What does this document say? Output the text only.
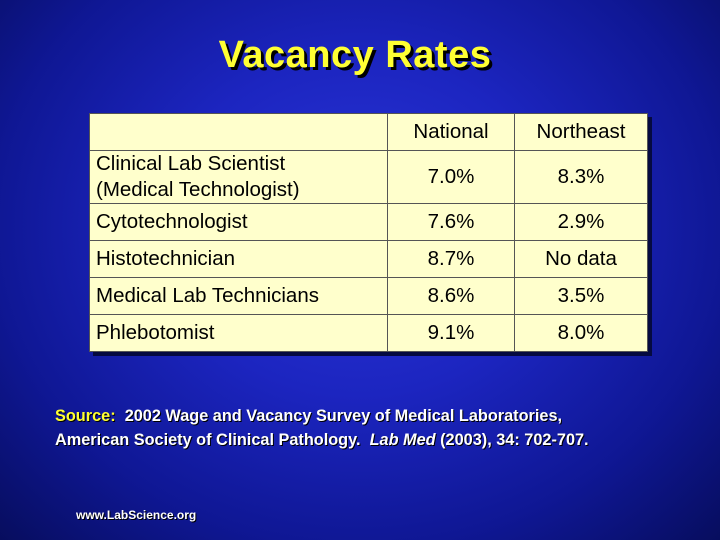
Vacancy Rates
	National	Northeast

Clinical Lab Scientist
(Medical Technologist)	7.0%	8.3%
Cytotechnologist	7.6%	2.9%
Histotechnician	8.7%	No data
Medical Lab Technicians	8.6%	3.5%
Phlebotomist	9.1%	8.0%
Source: 2002 Wage and Vacancy Survey of Medical Laboratories,
American Society of Clinical Pathology. Lab Med (2003), 34: 702-707.
www.LabScience.org
